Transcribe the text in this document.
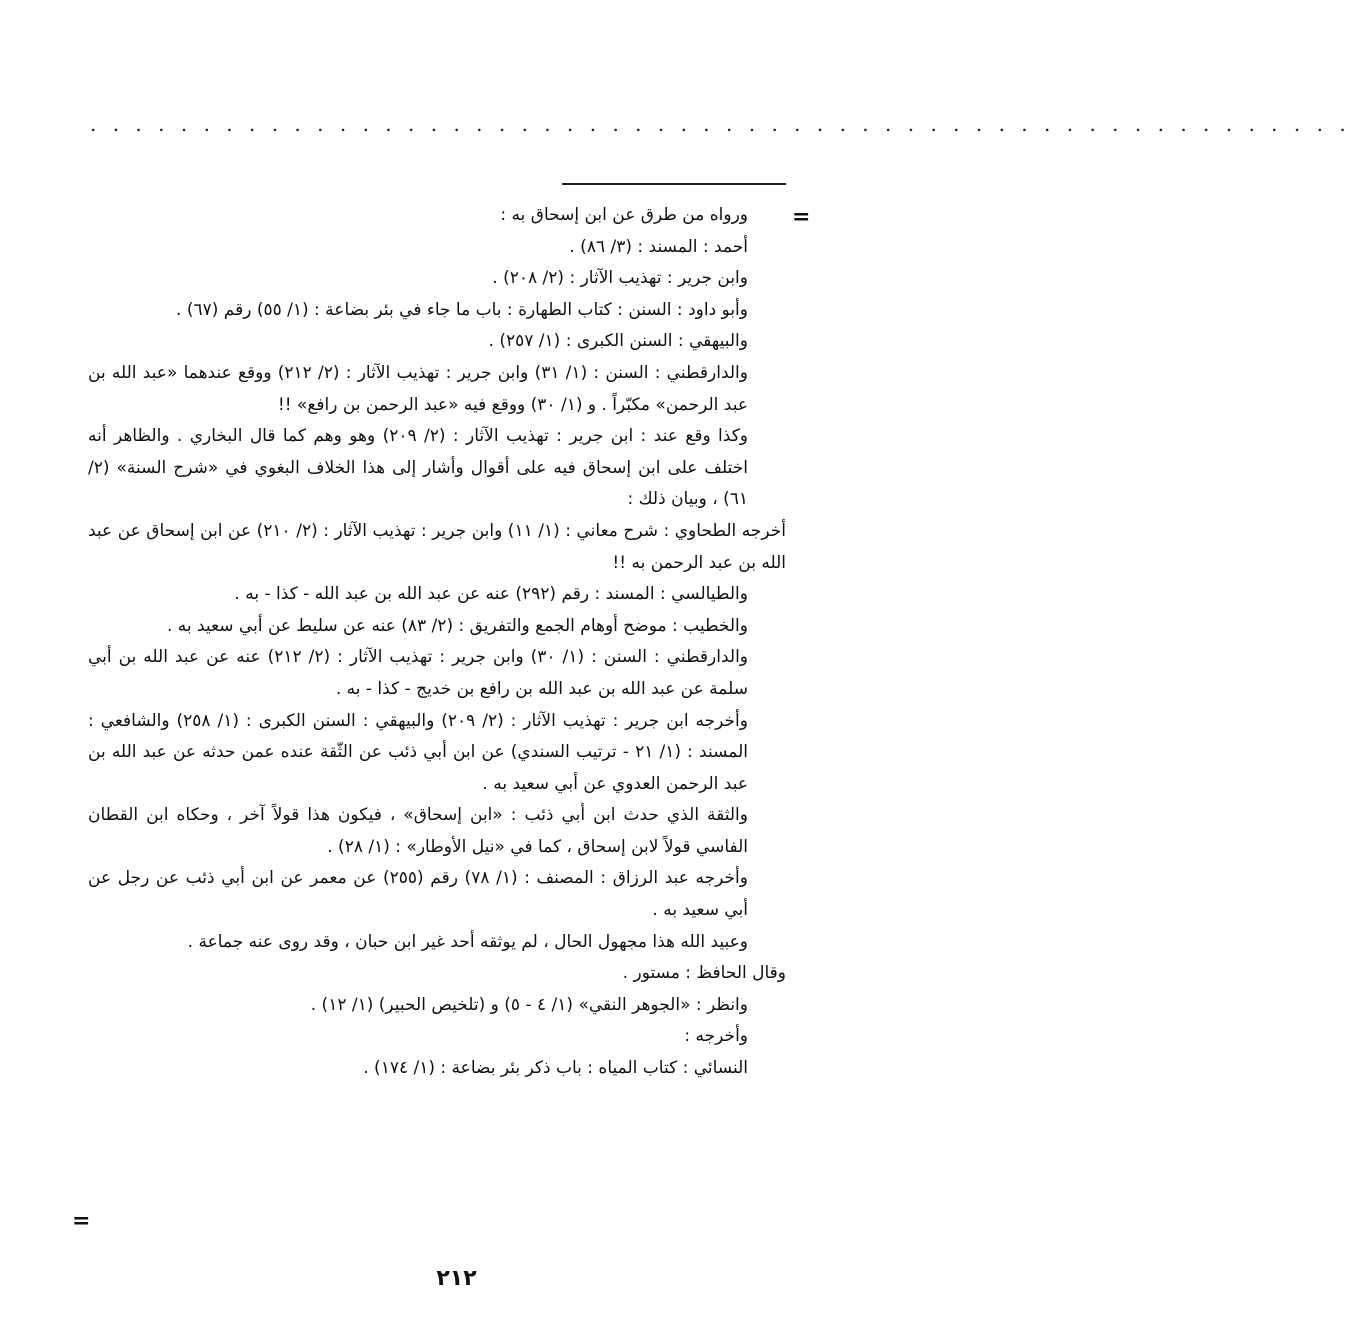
. . . . . . . . . . . . . . . . . . . . . . . . . . . . . . . . . . . . . . . . . . . . . . . . . . . . . . . .
=

ورواه من طرق عن ابن إسحاق به :

أحمد : المسند : (٣/ ٨٦) .

وابن جرير : تهذيب الآثار : (٢/ ٢٠٨) .

وأبو داود : السنن : كتاب الطهارة : باب ما جاء في بئر بضاعة : (١/ ٥٥) رقم (٦٧) .

والبيهقي : السنن الكبرى : (١/ ٢٥٧) .

والدارقطني : السنن : (١/ ٣١) وابن جرير : تهذيب الآثار : (٢/ ٢١٢) ووقع عندهما «عبد الله بن عبد الرحمن» مكبّراً . و (١/ ٣٠) ووقع فيه «عبد الرحمن بن رافع» !!

وكذا وقع عند : ابن جرير : تهذيب الآثار : (٢/ ٢٠٩) وهو وهم كما قال البخاري . والظاهر أنه اختلف على ابن إسحاق فيه على أقوال وأشار إلى هذا الخلاف البغوي في «شرح السنة» (٢/ ٦١) ، وبيان ذلك :

أخرجه الطحاوي : شرح معاني : (١/ ١١) وابن جرير : تهذيب الآثار : (٢/ ٢١٠) عن ابن إسحاق عن عبد الله بن عبد الرحمن به !!

والطيالسي : المسند : رقم (٢٩٢) عنه عن عبد الله بن عبد الله - كذا - به .

والخطيب : موضح أوهام الجمع والتفريق : (٢/ ٨٣) عنه عن سليط عن أبي سعيد به .

والدارقطني : السنن : (١/ ٣٠) وابن جرير : تهذيب الآثار : (٢/ ٢١٢) عنه عن عبد الله بن أبي سلمة عن عبد الله بن عبد الله بن رافع بن خديج - كذا - به .

وأخرجه ابن جرير : تهذيب الآثار : (٢/ ٢٠٩) والبيهقي : السنن الكبرى : (١/ ٢٥٨) والشافعي : المسند : (١/ ٢١ - ترتيب السندي) عن ابن أبي ذئب عن الثّقة عنده عمن حدثه عن عبد الله بن عبد الرحمن العدوي عن أبي سعيد به .

والثقة الذي حدث ابن أبي ذئب : «ابن إسحاق» ، فيكون هذا قولاً آخر ، وحكاه ابن القطان الفاسي قولاً لابن إسحاق ، كما في «نيل الأوطار» : (١/ ٢٨) .

وأخرجه عبد الرزاق : المصنف : (١/ ٧٨) رقم (٢٥٥) عن معمر عن ابن أبي ذئب عن رجل عن أبي سعيد به .

وعبيد الله هذا مجهول الحال ، لم يوثقه أحد غير ابن حبان ، وقد روى عنه جماعة .

وقال الحافظ : مستور .

وانظر : «الجوهر النقي» (١/ ٤ - ٥) و (تلخيص الحبير) (١/ ١٢) .

وأخرجه :

النسائي : كتاب المياه : باب ذكر بئر بضاعة : (١/ ١٧٤) .

=
٢١٢
